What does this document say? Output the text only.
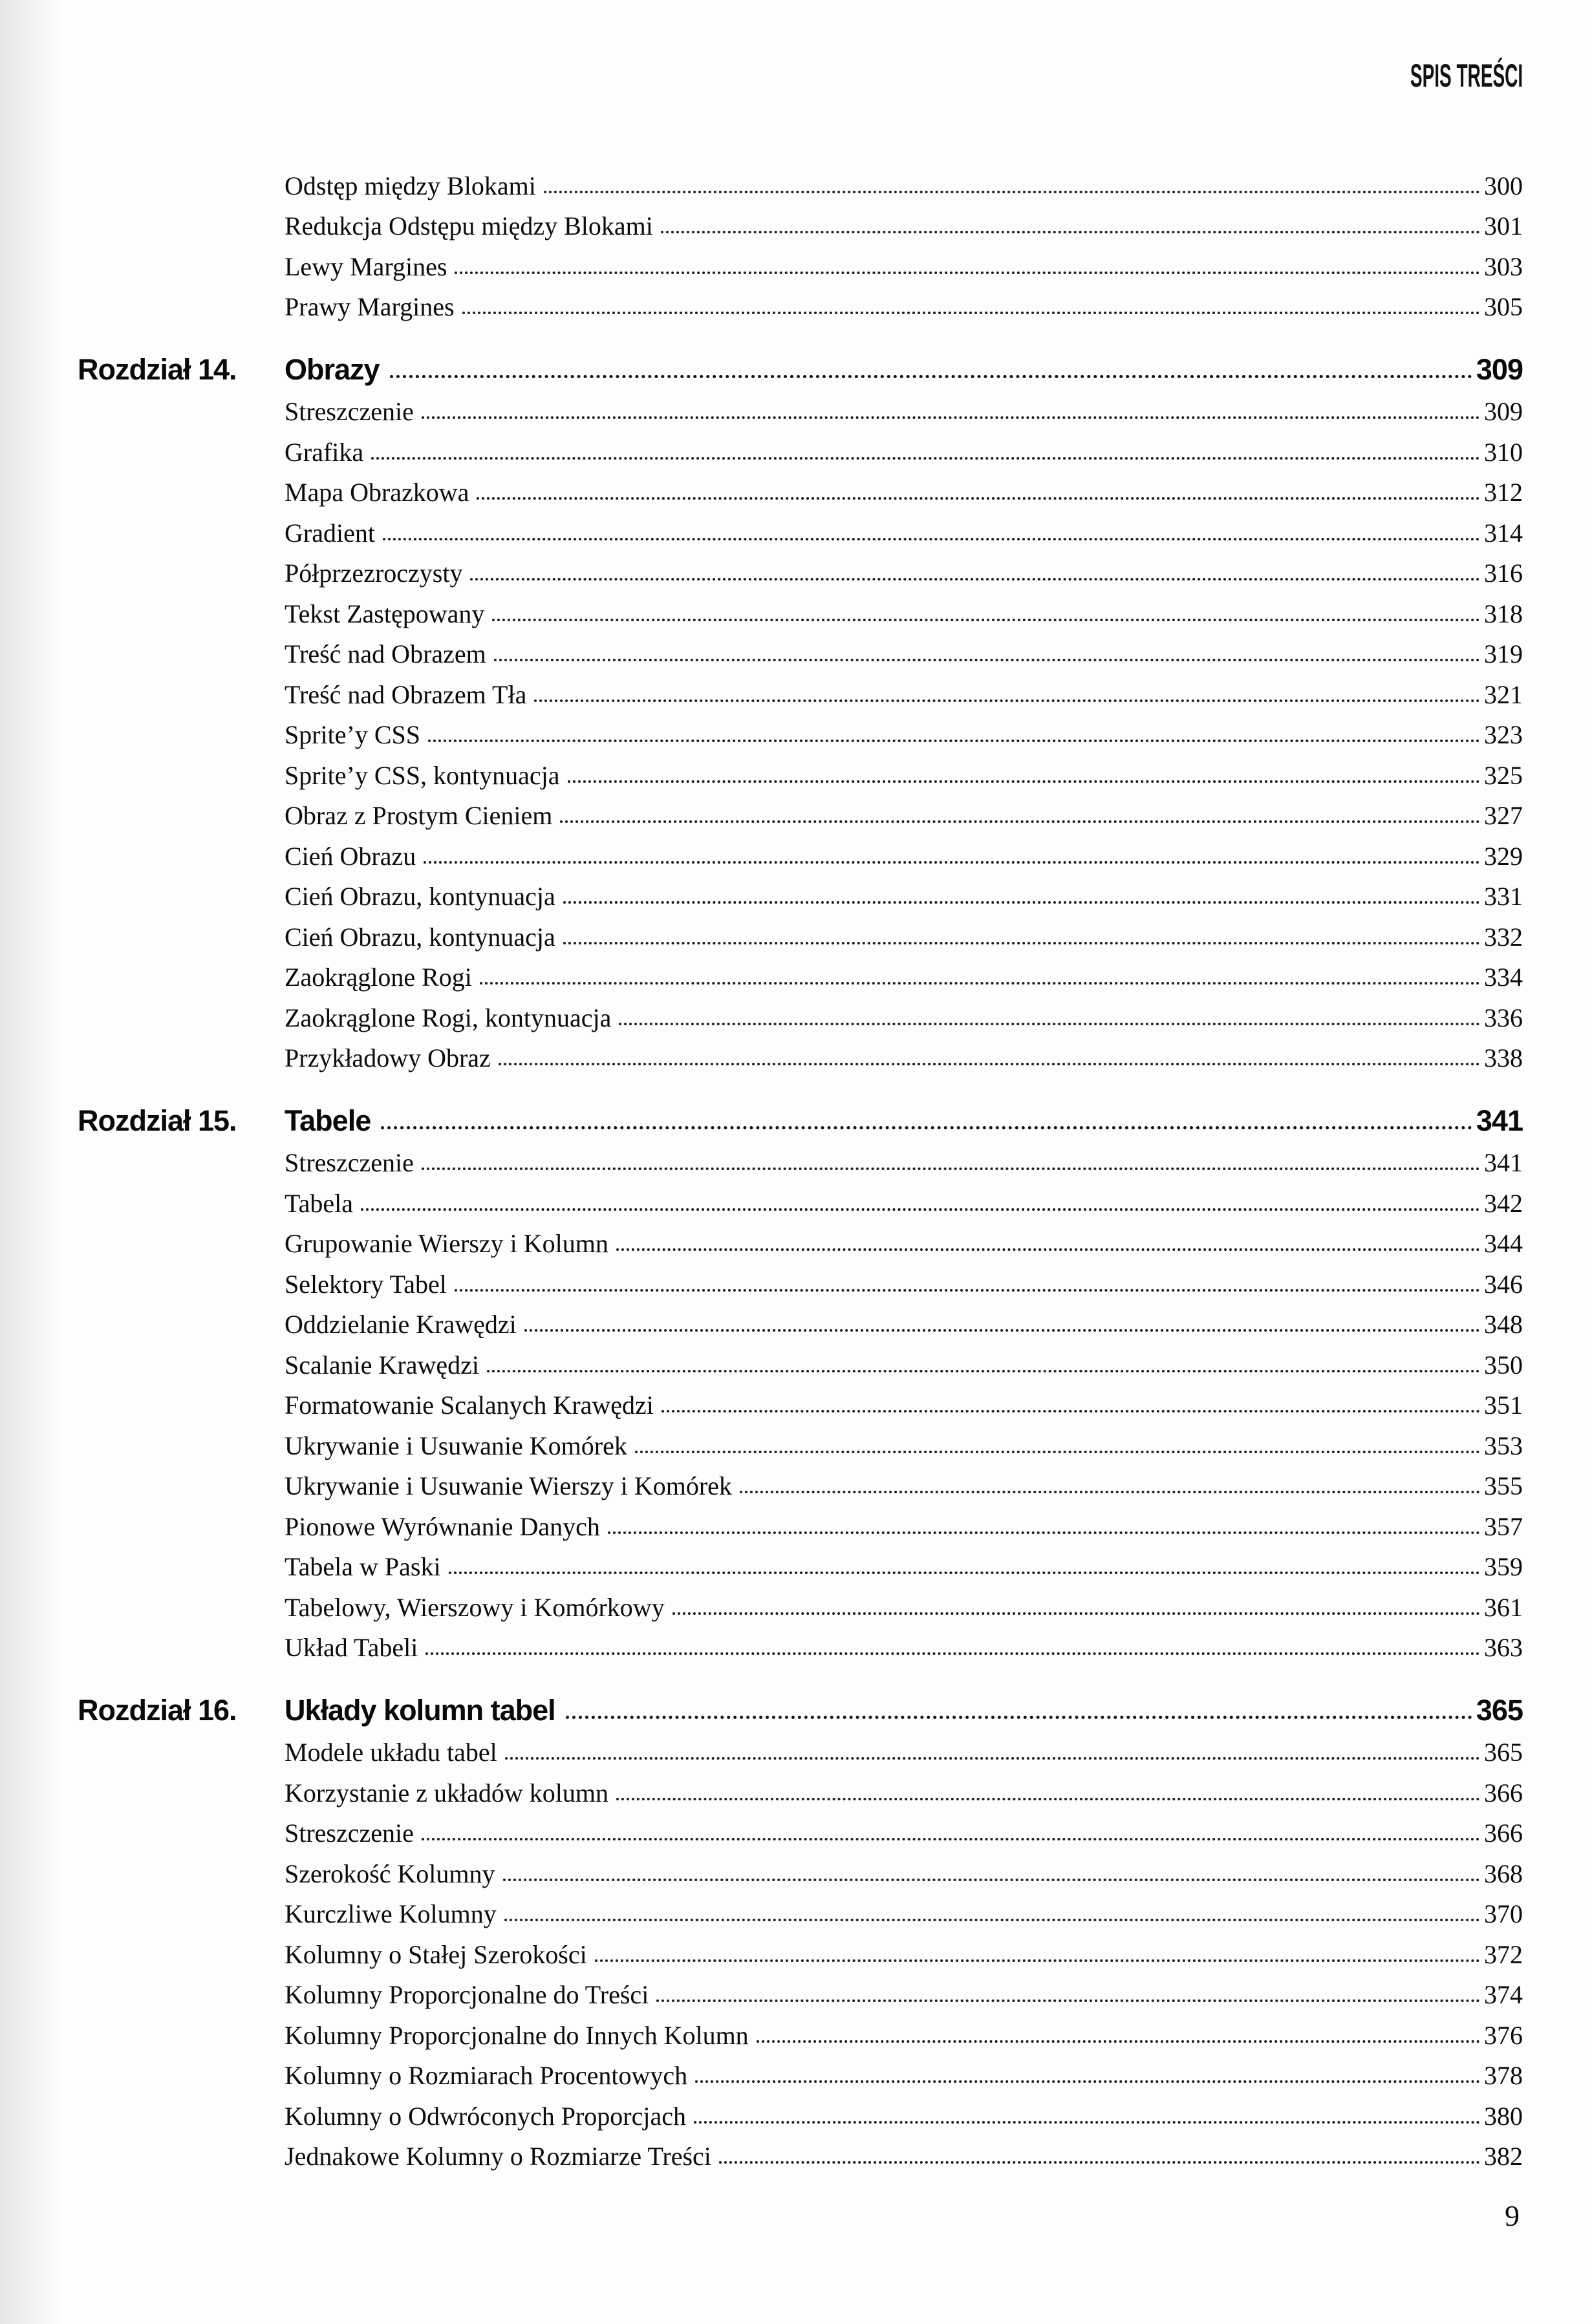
SPIS TREŚCI
Odstęp między Blokami	300
Redukcja Odstępu między Blokami	301
Lewy Margines	303
Prawy Margines	305
Rozdział 14.	Obrazy	309
Streszczenie	309
Grafika	310
Mapa Obrazkowa	312
Gradient	314
Półprzezroczysty	316
Tekst Zastępowany	318
Treść nad Obrazem	319
Treść nad Obrazem Tła	321
Sprite’y CSS	323
Sprite’y CSS, kontynuacja	325
Obraz z Prostym Cieniem	327
Cień Obrazu	329
Cień Obrazu, kontynuacja	331
Cień Obrazu, kontynuacja	332
Zaokrąglone Rogi	334
Zaokrąglone Rogi, kontynuacja	336
Przykładowy Obraz	338
Rozdział 15.	Tabele	341
Streszczenie	341
Tabela	342
Grupowanie Wierszy i Kolumn	344
Selektory Tabel	346
Oddzielanie Krawędzi	348
Scalanie Krawędzi	350
Formatowanie Scalanych Krawędzi	351
Ukrywanie i Usuwanie Komórek	353
Ukrywanie i Usuwanie Wierszy i Komórek	355
Pionowe Wyrównanie Danych	357
Tabela w Paski	359
Tabelowy, Wierszowy i Komórkowy	361
Układ Tabeli	363
Rozdział 16.	Układy kolumn tabel	365
Modele układu tabel	365
Korzystanie z układów kolumn	366
Streszczenie	366
Szerokość Kolumny	368
Kurczliwe Kolumny	370
Kolumny o Stałej Szerokości	372
Kolumny Proporcjonalne do Treści	374
Kolumny Proporcjonalne do Innych Kolumn	376
Kolumny o Rozmiarach Procentowych	378
Kolumny o Odwróconych Proporcjach	380
Jednakowe Kolumny o Rozmiarze Treści	382
9
